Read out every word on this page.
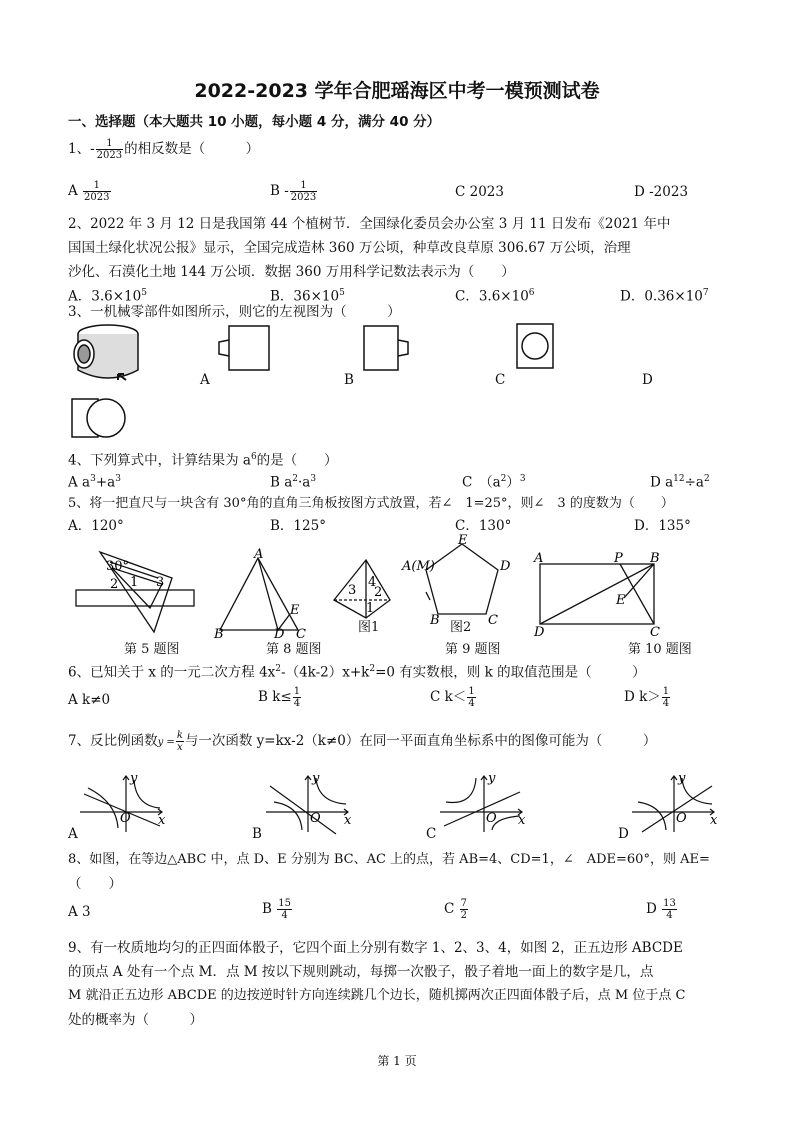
2022-2023 学年合肥瑶海区中考一模预测试卷
一、选择题（本大题共 10 小题，每小题 4 分，满分 40 分）
1、- $\frac{1}{2023}$ 的相反数是（　　　）
A $\frac{1}{2023}$	B - $\frac{1}{2023}$	C 2023	D -2023
2、2022 年 3 月 12 日是我国第 44 个植树节．全国绿化委员会办公室 3 月 11 日发布《2021 年中
国国土绿化状况公报》显示，全国完成造林 360 万公顷，种草改良草原 306.67 万公顷，治理
沙化、石漠化土地 144 万公顷．数据 360 万用科学记数法表示为（　　）
A．$3.6\times 10^5$	B．$36\times 10^5$	C．$3.6\times 10^6$	D．$0.36\times 10^7$
3、一机械零部件如图所示，则它的左视图为（　　　）
A	B	C	D
4、下列算式中，计算结果为 $a^6$的是（　　）
A $a^3+a^3$	B $a^2\cdot a^3$	C　$(a^2)^3$	D $a^{12}\div a^2$
5、将一把直尺与一块含有 30°角的直角三角板按图方式放置，若∠　1=25°，则∠　3 的度数为（　　）
A．120°	B．125°	C．130°	D．135°
30°
2 1 3
A
B	D C
E
3
4
2
1
图1
E
A(M)	D
B	C
图2
A	P B
E
D	C
第 5 题图	第 8 题图	第 9 题图	第 10 题图
6、已知关于 x 的一元二次方程 $4x^2-(4k-2)x+k^2=0$ 有实数根，则 k 的取值范围是（　　　）
A k≠0	B $k\le \frac{1}{4}$	C $k< \frac{1}{4}$	D $k> \frac{1}{4}$
7、反比例函数$y = \frac{k}{x}$ 与一次函数 y=kx-2（k≠0）在同一平面直角坐标系中的图像可能为（　　　）
y
x
O
y
x
O
y
x
O
y
x
O
A	B	C	D
8、如图，在等边△ABC 中，点 D、E 分别为 BC、AC 上的点，若 AB=4、CD=1，∠　ADE=60°，则 AE=
（　　）
A 3	B $\frac{15}{4}$	C $\frac{7}{2}$	D $\frac{13}{4}$
9、有一枚质地均匀的正四面体骰子，它四个面上分别有数字 1、2、3、4，如图 2，正五边形 ABCDE
的顶点 A 处有一个点 M．点 M 按以下规则跳动，每掷一次骰子，骰子着地一面上的数字是几，点
M 就沿正五边形 ABCDE 的边按逆时针方向连续跳几个边长，随机掷两次正四面体骰子后，点 M 位于点 C
处的概率为（　　　）
第 1 页
